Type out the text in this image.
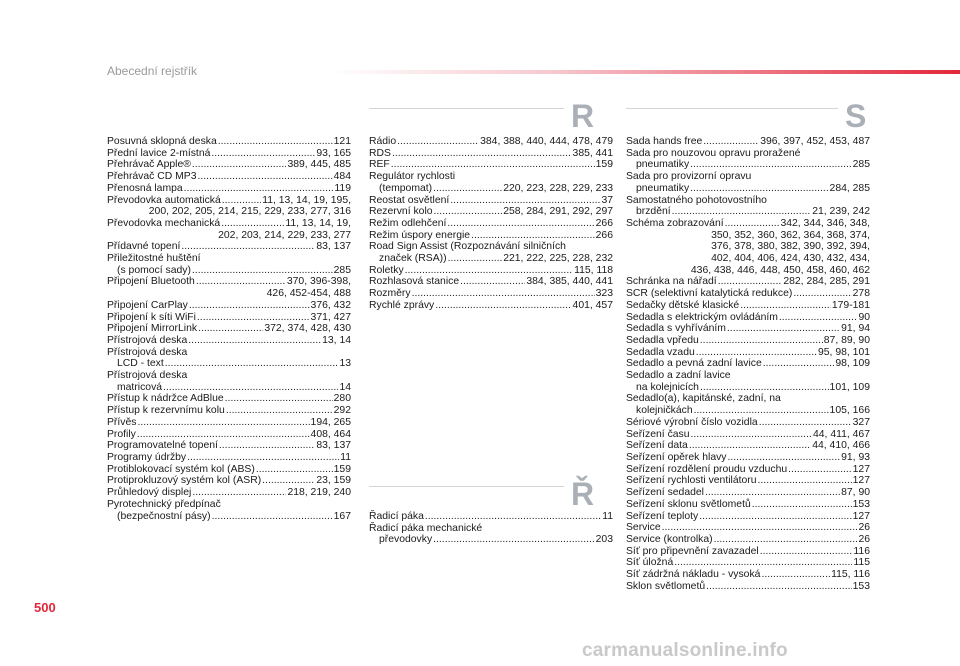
Abecední rejstřík
R	S
Ř
Posuvná sklopná deska .....	121
Přední lavice 2-místná .....	93, 165
Přehrávač Apple® .....	389, 445, 485
Přehrávač CD MP3 .....	484
Přenosná lampa .....	119
Převodovka automatická .....	11, 13, 14, 19, 195,
200, 202, 205, 214, 215, 229, 233, 277, 316
Převodovka mechanická .....	11, 13, 14, 19,
202, 203, 214, 229, 233, 277
Přídavné topení .....	83, 137
Přiležitostné huštění
(s pomocí sady) .....	285
Připojení Bluetooth .....	370, 396-398,
426, 452-454, 488
Připojení CarPlay .....	376, 432
Připojení k síti WiFi .....	371, 427
Připojení MirrorLink .....	372, 374, 428, 430
Přístrojová deska .....	13, 14
Přístrojová deska
LCD - text .....	13
Přístrojová deska
matricová .....	14
Přístup k nádržce AdBlue .....	280
Přístup k rezervnímu kolu .....	292
Přívěs .....	194, 265
Profily .....	408, 464
Programovatelné topení .....	83, 137
Programy údržby .....	11
Protiblokovací systém kol (ABS) .....	159
Protiprokluzový systém kol (ASR) .....	23, 159
Průhledový displej .....	218, 219, 240
Pyrotechnický předpínač
(bezpečnostní pásy) .....	167
Rádio .....	384, 388, 440, 444, 478, 479
RDS .....	385, 441
REF .....	159
Regulátor rychlosti
(tempomat) .....	220, 223, 228, 229, 233
Reostat osvětlení .....	37
Rezervní kolo .....	258, 284, 291, 292, 297
Režim odlehčení .....	266
Režim úspory energie .....	266
Road Sign Assist (Rozpoznávání silničních
značek (RSA)) .....	221, 222, 225, 228, 232
Roletky .....	115, 118
Rozhlasová stanice .....	384, 385, 440, 441
Rozměry .....	323
Rychlé zprávy .....	401, 457
Řadicí páka .....	11
Řadicí páka mechanické
převodovky .....	203
Sada hands free .....	396, 397, 452, 453, 487
Sada pro nouzovou opravu proražené
pneumatiky .....	285
Sada pro provizorní opravu
pneumatiky .....	284, 285
Samostatného pohotovostního
brzdění .....	21, 239, 242
Schéma zobrazování .....	342, 344, 346, 348,
350, 352, 360, 362, 364, 368, 374,
376, 378, 380, 382, 390, 392, 394,
402, 404, 406, 424, 430, 432, 434,
436, 438, 446, 448, 450, 458, 460, 462
Schránka na nářadí .....	282, 284, 285, 291
SCR (selektivní katalytická redukce) .....	278
Sedačky dětské klasické .....	179-181
Sedadla s elektrickým ovládáním .....	90
Sedadla s vyhříváním .....	91, 94
Sedadla vpředu .....	87, 89, 90
Sedadla vzadu .....	95, 98, 101
Sedadlo a pevná zadní lavice .....	98, 109
Sedadlo a zadní lavice
na kolejnicích .....	101, 109
Sedadlo(a), kapitánské, zadní, na
kolejničkách .....	105, 166
Sériové výrobní číslo vozidla .....	327
Seřízení času .....	44, 411, 467
Seřízení data .....	44, 410, 466
Seřízení opěrek hlavy .....	91, 93
Seřízení rozdělení proudu vzduchu .....	127
Seřízení rychlosti ventilátoru .....	127
Seřízení sedadel .....	87, 90
Seřízení sklonu světlometů .....	153
Seřízení teploty .....	127
Service .....	26
Service (kontrolka) .....	26
Síť pro připevnění zavazadel .....	116
Síť úložná .....	115
Síť zádržná nákladu - vysoká .....	115, 116
Sklon světlometů .....	153
500
carmanualsonline.info
